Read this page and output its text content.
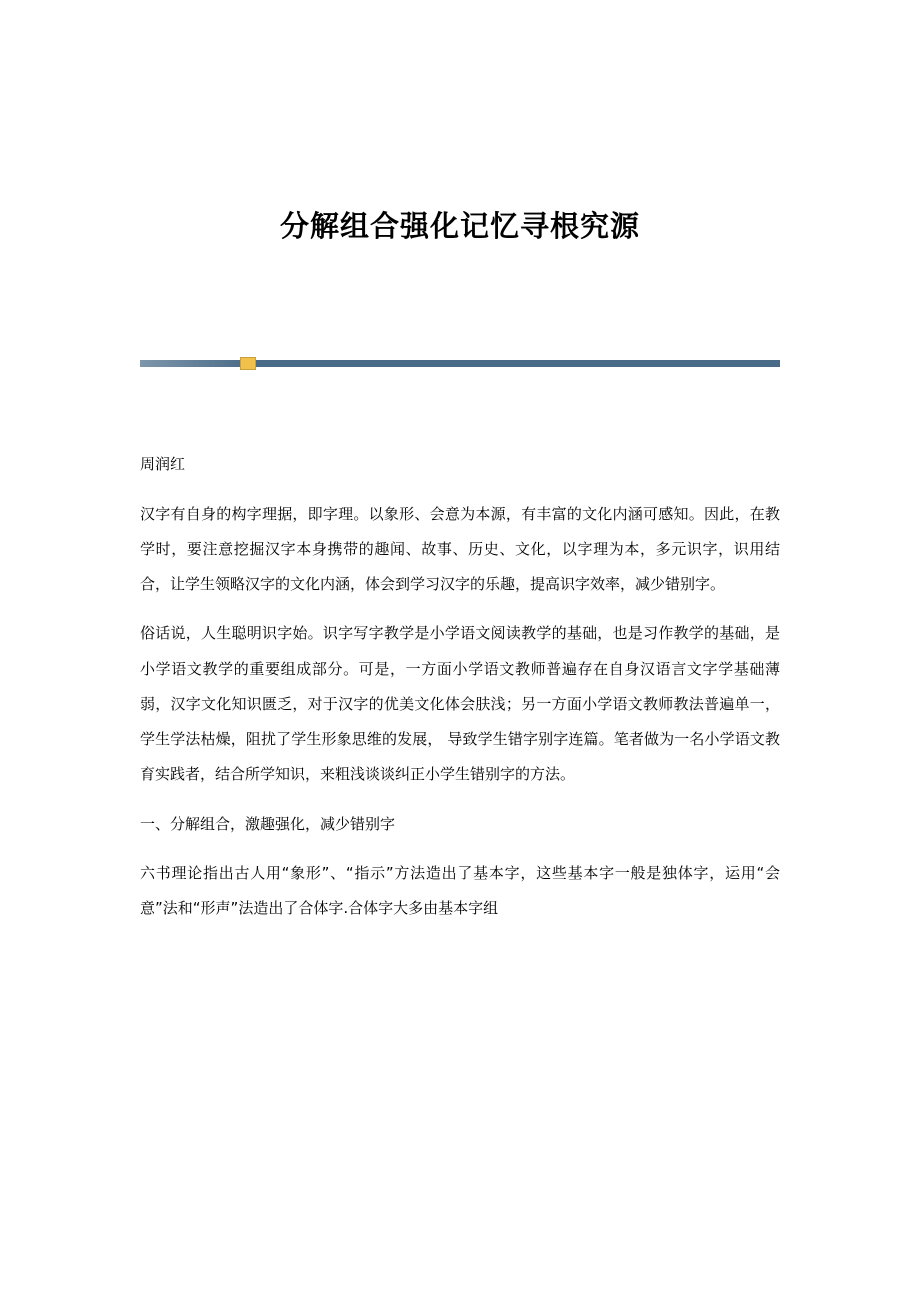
分解组合强化记忆寻根究源
周润红

汉字有自身的构字理据，即字理。以象形、会意为本源，有丰富的文化内涵可感知。因此，在教学时，要注意挖掘汉字本身携带的趣闻、故事、历史、文化，以字理为本，多元识字，识用结合，让学生领略汉字的文化内涵，体会到学习汉字的乐趣，提高识字效率，减少错别字。

俗话说，人生聪明识字始。识字写字教学是小学语文阅读教学的基础，也是习作教学的基础，是小学语文教学的重要组成部分。可是，一方面小学语文教师普遍存在自身汉语言文字学基础薄弱，汉字文化知识匮乏，对于汉字的优美文化体会肤浅；另一方面小学语文教师教法普遍单一，学生学法枯燥，阻扰了学生形象思维的发展， 导致学生错字别字连篇。笔者做为一名小学语文教育实践者，结合所学知识，来粗浅谈谈纠正小学生错别字的方法。

一、分解组合，激趣强化，减少错别字

六书理论指出古人用“象形”、“指示”方法造出了基本字，这些基本字一般是独体字，运用“会意”法和“形声”法造出了合体字.合体字大多由基本字组
